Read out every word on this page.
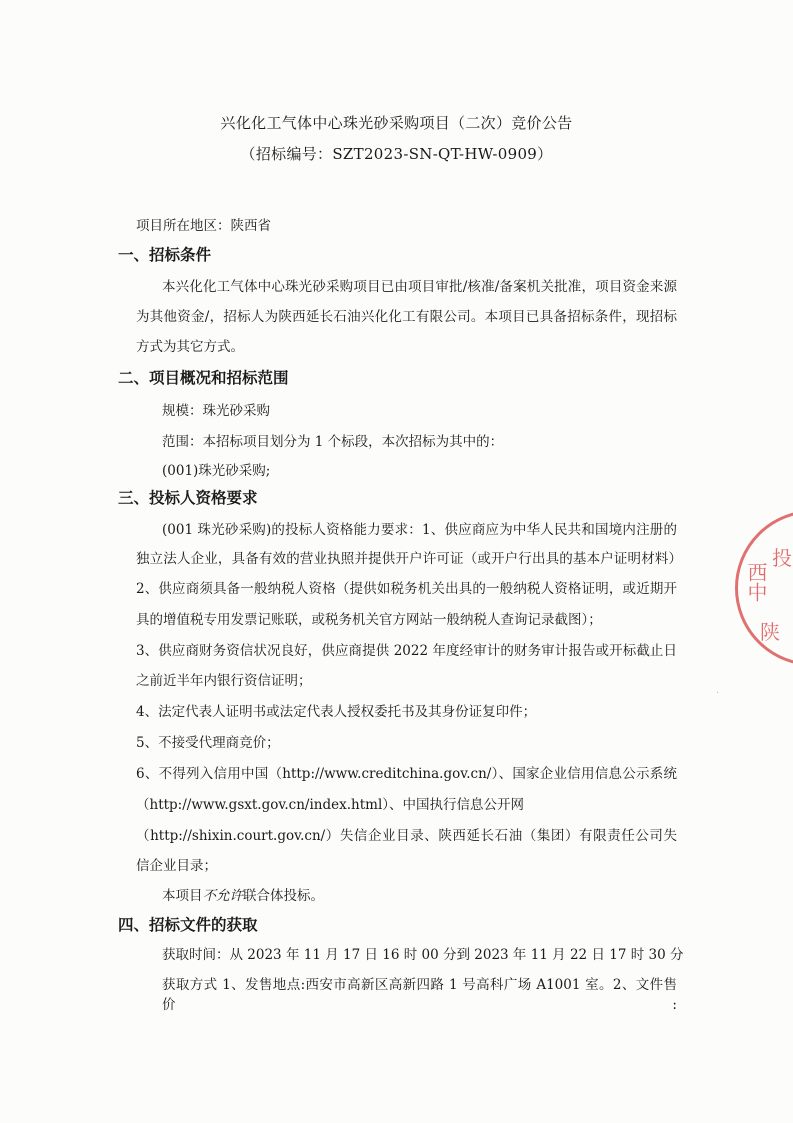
兴化化工气体中心珠光砂采购项目（二次）竞价公告
（招标编号：SZT2023-SN-QT-HW-0909）
项目所在地区：陕西省
一、招标条件
本兴化化工气体中心珠光砂采购项目已由项目审批/核准/备案机关批准，项目资金来源
为其他资金/，招标人为陕西延长石油兴化化工有限公司。本项目已具备招标条件，现招标
方式为其它方式。
二、项目概况和招标范围
规模：珠光砂采购
范围：本招标项目划分为 1 个标段，本次招标为其中的：
(001)珠光砂采购;
三、投标人资格要求
(001 珠光砂采购)的投标人资格能力要求：1、供应商应为中华人民共和国境内注册的
独立法人企业，具备有效的营业执照并提供开户许可证（或开户行出具的基本户证明材料）
2、供应商须具备一般纳税人资格（提供如税务机关出具的一般纳税人资格证明，或近期开
具的增值税专用发票记账联，或税务机关官方网站一般纳税人查询记录截图）；
3、供应商财务资信状况良好，供应商提供 2022 年度经审计的财务审计报告或开标截止日
之前近半年内银行资信证明；
4、法定代表人证明书或法定代表人授权委托书及其身份证复印件；
5、不接受代理商竞价；
6、不得列入信用中国（http://www.creditchina.gov.cn/）、国家企业信用信息公示系统
（http://www.gsxt.gov.cn/index.html）、中国执行信息公开网
（http://shixin.court.gov.cn/）失信企业目录、陕西延长石油（集团）有限责任公司失
信企业目录；
本项目不允许联合体投标。
四、招标文件的获取
获取时间：从 2023 年 11 月 17 日 16 时 00 分到 2023 年 11 月 22 日 17 时 30 分
获取方式 1、发售地点:西安市高新区高新四路 1 号高科广场 A1001 室。2、文件售价:
投
西中
陕
·
